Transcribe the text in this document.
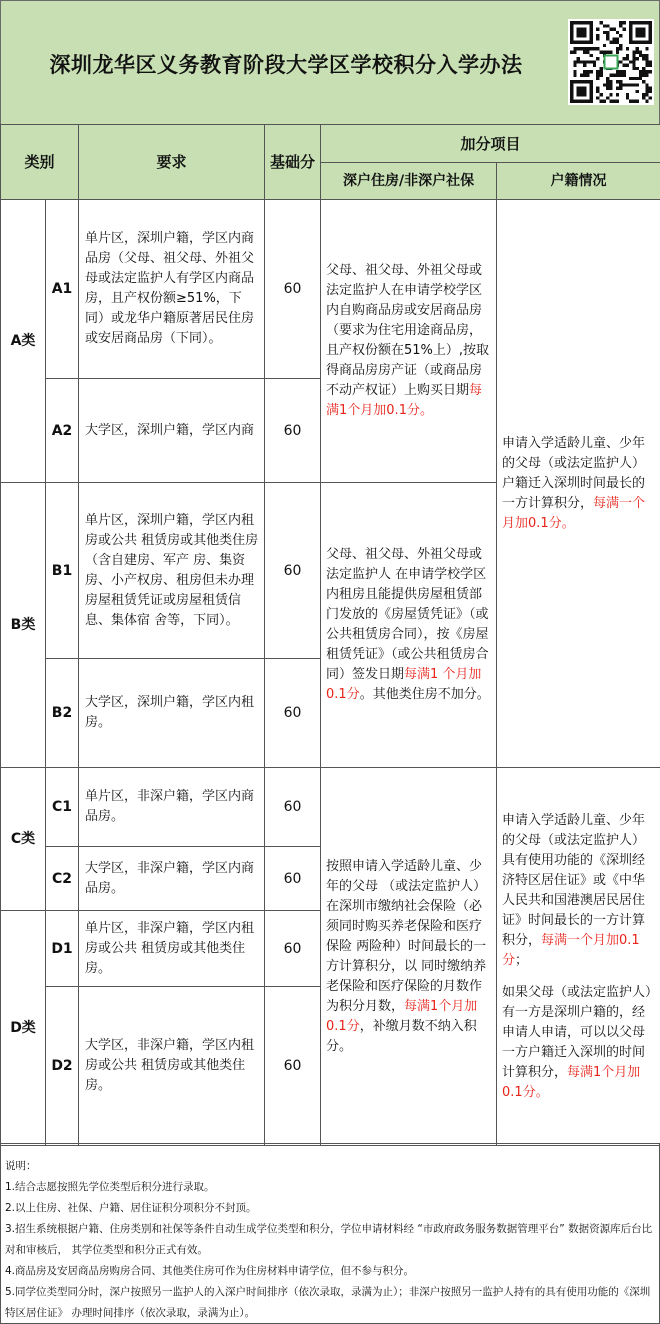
深圳龙华区义务教育阶段大学区学校积分入学办法
类别		要求	基础分	加分项目	
				深户住房/非深户社保	户籍情况
A类	A1	单片区，深圳户籍，学区内商品房（父母、祖父母、外祖父母或法定监护人有学区内商品房，且产权份额≥51%，下同）或龙华户籍原著居民住房或安居商品房（下同）。	60	父母、祖父母、外祖父母或法定监护人在申请学校学区内自购商品房或安居商品房（要求为住宅用途商品房，且产权份额在51%上）,按取得商品房房产证（或商品房不动产权证）上购买日期每满1个月加0.1分。	申请入学适龄儿童、少年的父母（或法定监护人）户籍迁入深圳时间最长的一方计算积分，每满一个月加0.1分。
	A2	大学区，深圳户籍，学区内商	60		
B类	B1	单片区，深圳户籍，学区内租房或公共 租赁房或其他类住房（含自建房、军产 房、集资房、小产权房、租房但未办理 房屋租赁凭证或房屋租赁信息、集体宿 舍等，下同）。	60	父母、祖父母、外祖父母或法定监护人 在申请学校学区内租房且能提供房屋租赁部门发放的《房屋赁凭证》（或公共租赁房合同），按《房屋租赁凭证》（或公共租赁房合同）签发日期每满1 个月加0.1分。其他类住房不加分。	
	B2	大学区，深圳户籍，学区内租房。	60		
C类	C1	单片区，非深户籍，学区内商品房。	60	按照申请入学适龄儿童、少年的父母 （或法定监护人）在深圳市缴纳社会保险（必须同时购买养老保险和医疗保险 两险种）时间最长的一方计算积分，以 同时缴纳养老保险和医疗保险的月数作 为积分月数，每满1个月加0.1分，补缴月数不纳入积分。	申请入学适龄儿童、少年的父母（或法定监护人）具有使用功能的《深圳经济特区居住证》或《中华人民共和国港澳居民居住证》时间最长的一方计算积分，每满一个月加0.1分；
如果父母（或法定监护人）有一方是深圳户籍的，经申请人申请，可以以父母一方户籍迁入深圳的时间计算积分，每满1个月加0.1分。

	C2	大学区，非深户籍，学区内商品房。	60		
D类	D1	单片区，非深户籍，学区内租房或公共 租赁房或其他类住房。	60		
	D2	大学区，非深户籍，学区内租房或公共 租赁房或其他类住房。	60		

说明：

1.结合志愿按照先学位类型后积分进行录取。

2.以上住房、社保、户籍、居住证积分项积分不封顶。

3.招生系统根据户籍、住房类别和社保等条件自动生成学位类型和积分，学位申请材料经 “市政府政务服务数据管理平台” 数据资源库后台比对和审核后， 其学位类型和积分正式有效。

4.商品房及安居商品房购房合同、其他类住房可作为住房材料申请学位，但不参与积分。

5.同学位类型同分时，深户按照另一监护人的入深户时间排序（依次录取，录满为止）；非深户按照另一监护人持有的具有使用功能的《深圳特区居住证》 办理时间排序（依次录取，录满为止）。
